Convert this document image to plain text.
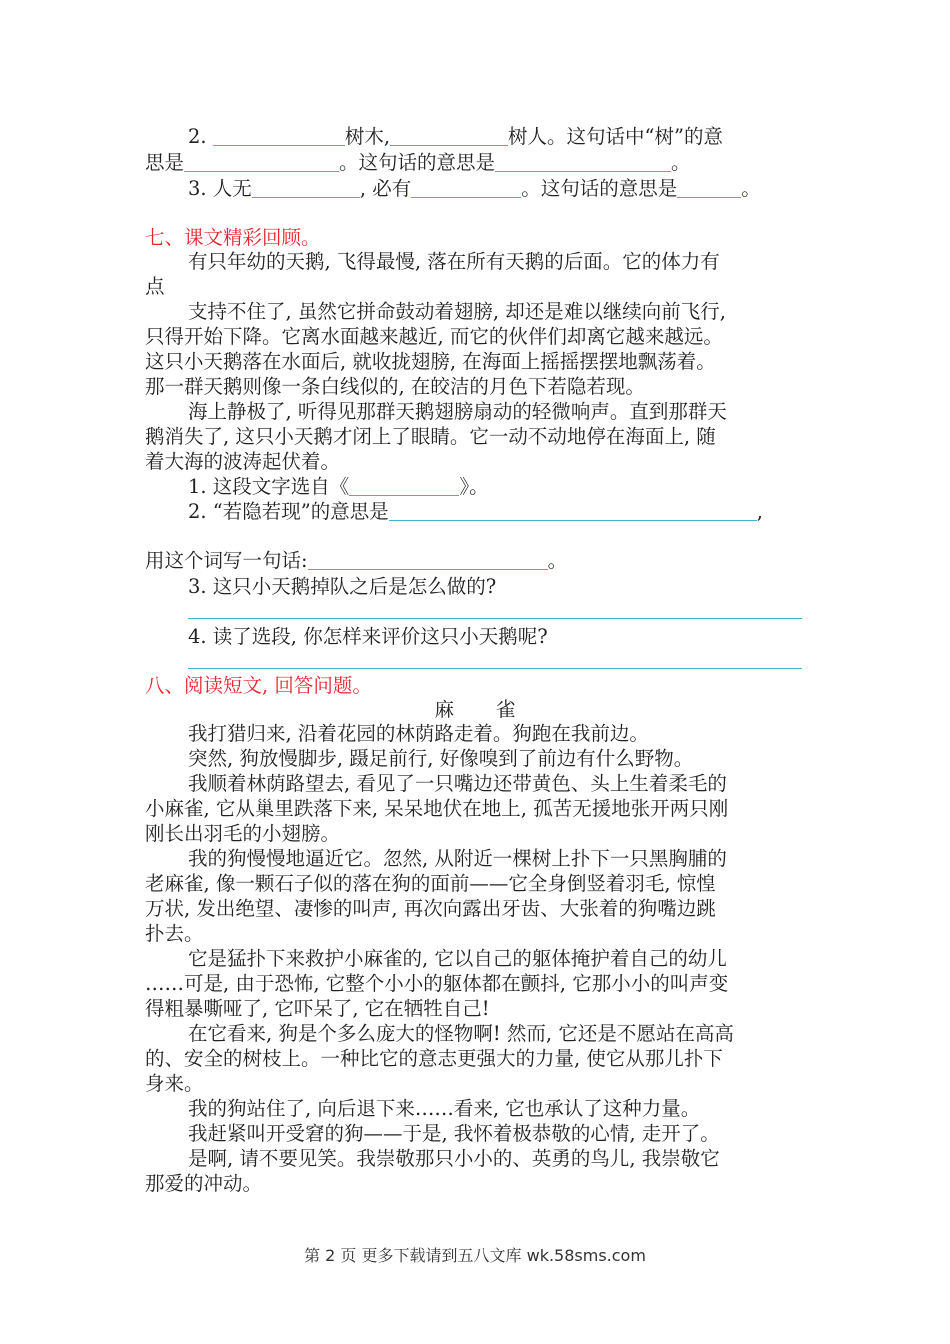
2.	树木,	树人。这句话中“树”的意
思是	。这句话的意思是	。
3. 人无	, 必有	。这句话的意思是	。
七、课文精彩回顾。
有只年幼的天鹅, 飞得最慢, 落在所有天鹅的后面。它的体力有
点
支持不住了, 虽然它拼命鼓动着翅膀, 却还是难以继续向前飞行,
只得开始下降。它离水面越来越近, 而它的伙伴们却离它越来越远。
这只小天鹅落在水面后, 就收拢翅膀, 在海面上摇摇摆摆地飘荡着。
那一群天鹅则像一条白线似的, 在皎洁的月色下若隐若现。
海上静极了, 听得见那群天鹅翅膀扇动的轻微响声。直到那群天
鹅消失了, 这只小天鹅才闭上了眼睛。它一动不动地停在海面上, 随
着大海的波涛起伏着。
1. 这段文字选自《	》。
2. “若隐若现”的意思是	,
用这个词写一句话:	。
3. 这只小天鹅掉队之后是怎么做的?
4. 读了选段, 你怎样来评价这只小天鹅呢?
八、阅读短文, 回答问题。
麻 雀
我打猎归来, 沿着花园的林荫路走着。狗跑在我前边。
突然, 狗放慢脚步, 蹑足前行, 好像嗅到了前边有什么野物。
我顺着林荫路望去, 看见了一只嘴边还带黄色、头上生着柔毛的
小麻雀, 它从巢里跌落下来, 呆呆地伏在地上, 孤苦无援地张开两只刚
刚长出羽毛的小翅膀。
我的狗慢慢地逼近它。忽然, 从附近一棵树上扑下一只黑胸脯的
老麻雀, 像一颗石子似的落在狗的面前——它全身倒竖着羽毛, 惊惶
万状, 发出绝望、凄惨的叫声, 再次向露出牙齿、大张着的狗嘴边跳
扑去。
它是猛扑下来救护小麻雀的, 它以自己的躯体掩护着自己的幼儿
……可是, 由于恐怖, 它整个小小的躯体都在颤抖, 它那小小的叫声变
得粗暴嘶哑了, 它吓呆了, 它在牺牲自己!
在它看来, 狗是个多么庞大的怪物啊! 然而, 它还是不愿站在高高
的、安全的树枝上。一种比它的意志更强大的力量, 使它从那儿扑下
身来。
我的狗站住了, 向后退下来……看来, 它也承认了这种力量。
我赶紧叫开受窘的狗——于是, 我怀着极恭敬的心情, 走开了。
是啊, 请不要见笑。我崇敬那只小小的、英勇的鸟儿, 我崇敬它
那爱的冲动。
第 2 页 更多下载请到五八文库 wk.58sms.com
